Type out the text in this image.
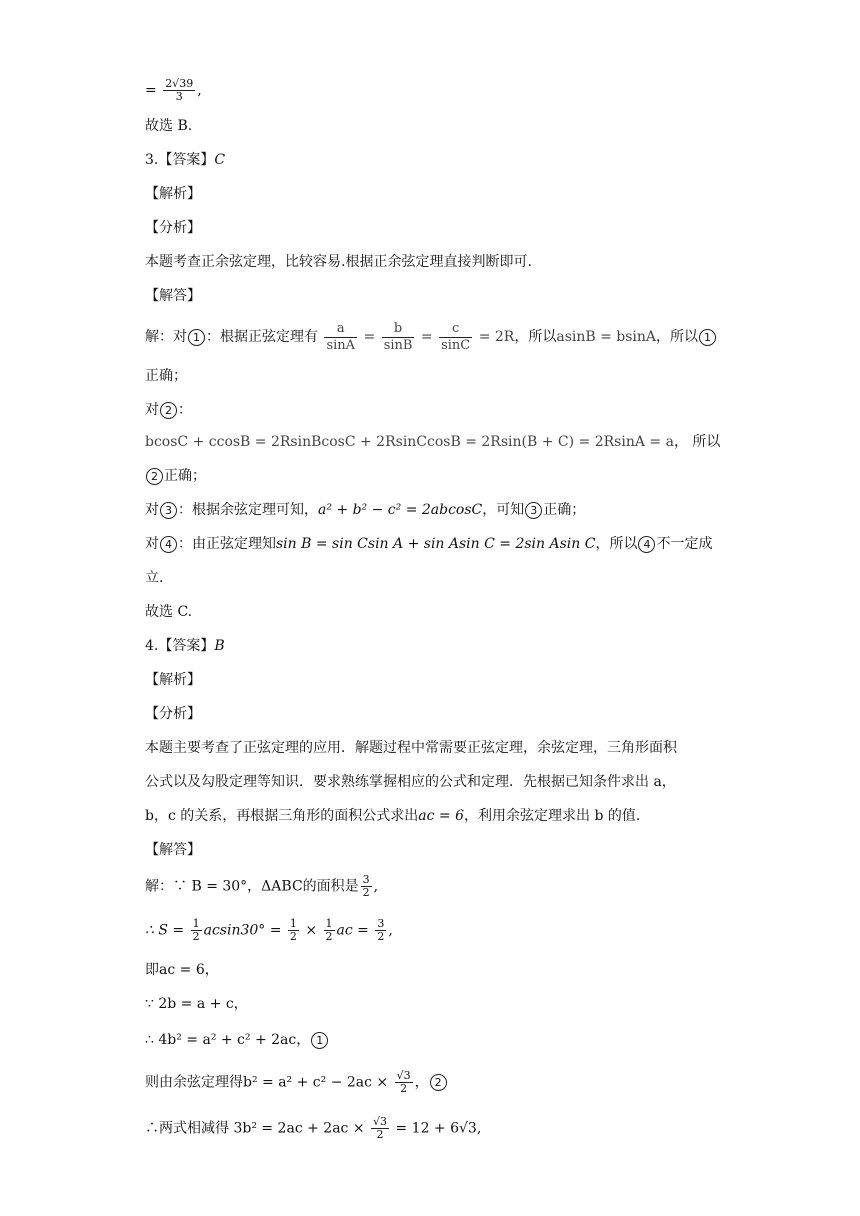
= $\frac{2√39}{3}$ ,
故选 B.
3.【答案】C
【解析】
【分析】
本题考查正余弦定理，比较容易.根据正余弦定理直接判断即可.
【解答】
解：对 1 ：根据正弦定理有 $\frac{a}{\sin A} = \frac{b}{\sin B} = \frac{c}{\sin C} = 2R$，所以asinB = bsinA，所以 1
正确；
对 2 ：
bcosC + ccosB = 2RsinBcosC + 2RsinCcosB = 2Rsin(B + C) = 2RsinA = a， 所以
2 正确；
对 3 ：根据余弦定理可知，a² + b² − c² = 2abcosC，可知 3 正确；
对 4 ：由正弦定理知sin B = sin Csin A + sin Asin C = 2sin Asin C，所以 4 不一定成
立.
故选 C.
4.【答案】B
【解析】
【分析】
本题主要考查了正弦定理的应用．解题过程中常需要正弦定理，余弦定理，三角形面积
公式以及勾股定理等知识．要求熟练掌握相应的公式和定理．先根据已知条件求出 a，
b，c 的关系，再根据三角形的面积公式求出ac = 6，利用余弦定理求出 b 的值.
【解答】
解：∵ B = 30°，ΔABC的面积是 $\frac{3}{2}$ ,
∴ $S = \frac{1}{2} acsin30^\circ = \frac{1}{2} \times \frac{1}{2}$ ac = $\frac{3}{2}$ ,
即ac = 6，
∵ 2b = a + c，
∴ 4b² = a² + c² + 2ac， 1
则由余弦定理得$b^2 = a^2 + c^2 - 2ac \times \frac{√3}{2}$ ， 2
∴两式相减得 $3b^2 = 2ac + 2ac \times \frac{√3}{2} = 12 + 6√3$,
